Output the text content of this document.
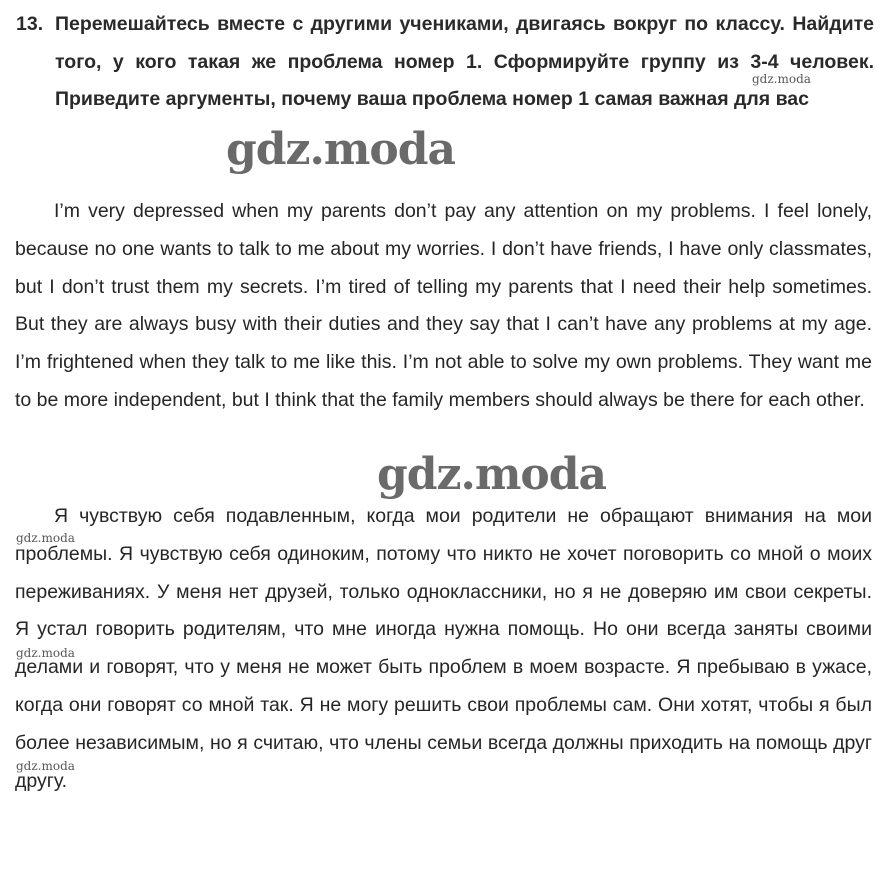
13. Перемешайтесь вместе с другими учениками, двигаясь вокруг по классу. Найдите того, у кого такая же проблема номер 1. Сформируйте группу из 3-4 человек. Приведите аргументы, почему ваша проблема номер 1 самая важная для вас
I’m very depressed when my parents don’t pay any attention on my problems. I feel lonely, because no one wants to talk to me about my worries. I don’t have friends, I have only classmates, but I don’t trust them my secrets. I’m tired of telling my parents that I need their help sometimes. But they are always busy with their duties and they say that I can’t have any problems at my age. I’m frightened when they talk to me like this. I’m not able to solve my own problems. They want me to be more independent, but I think that the family members should always be there for each other.
Я чувствую себя подавленным, когда мои родители не обращают внимания на мои проблемы. Я чувствую себя одиноким, потому что никто не хочет поговорить со мной о моих переживаниях. У меня нет друзей, только одноклассники, но я не доверяю им свои секреты. Я устал говорить родителям, что мне иногда нужна помощь. Но они всегда заняты своими делами и говорят, что у меня не может быть проблем в моем возрасте. Я пребываю в ужасе, когда они говорят со мной так. Я не могу решить свои проблемы сам. Они хотят, чтобы я был более независимым, но я считаю, что члены семьи всегда должны приходить на помощь друг другу.
gdz.moda
gdz.moda
gdz.moda
gdz.moda
gdz.moda
gdz.moda
